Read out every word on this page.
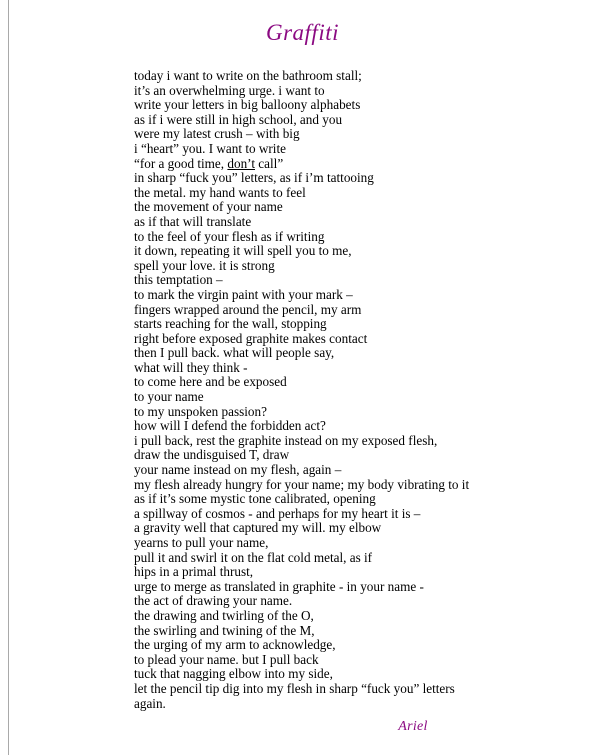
Graffiti
today i want to write on the bathroom stall;
it’s an overwhelming urge. i want to
write your letters in big balloony alphabets
as if i were still in high school, and you
were my latest crush – with big
i “heart” you. I want to write
“for a good time, don’t call”
in sharp “fuck you” letters, as if i’m tattooing
the metal. my hand wants to feel
the movement of your name
as if that will translate
to the feel of your flesh as if writing
it down, repeating it will spell you to me,
spell your love. it is strong
this temptation –
to mark the virgin paint with your mark –
fingers wrapped around the pencil, my arm
starts reaching for the wall, stopping
right before exposed graphite makes contact
then I pull back. what will people say,
what will they think -
to come here and be exposed
to your name
to my unspoken passion?
how will I defend the forbidden act?
i pull back, rest the graphite instead on my exposed flesh,
draw the undisguised T, draw
your name instead on my flesh, again –
my flesh already hungry for your name; my body vibrating to it
as if it’s some mystic tone calibrated, opening
a spillway of cosmos - and perhaps for my heart it is –
a gravity well that captured my will. my elbow
yearns to pull your name,
pull it and swirl it on the flat cold metal, as if
hips in a primal thrust,
urge to merge as translated in graphite - in your name -
the act of drawing your name.
the drawing and twirling of the O,
the swirling and twining of the M,
the urging of my arm to acknowledge,
to plead your name. but I pull back
tuck that nagging elbow into my side,
let the pencil tip dig into my flesh in sharp “fuck you” letters
again.
Ariel
